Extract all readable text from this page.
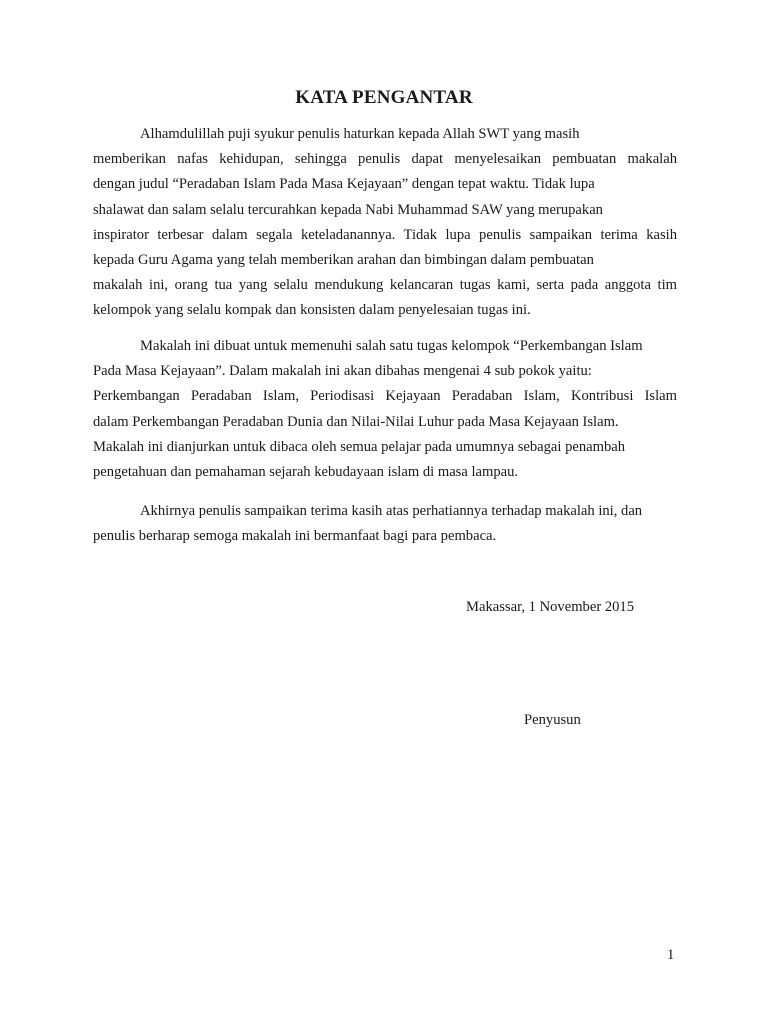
KATA PENGANTAR
Alhamdulillah puji syukur penulis haturkan kepada Allah SWT yang masih
memberikan nafas kehidupan, sehingga penulis dapat menyelesaikan pembuatan makalah
dengan judul “Peradaban Islam Pada Masa Kejayaan” dengan tepat waktu. Tidak lupa
shalawat dan salam selalu tercurahkan kepada Nabi Muhammad SAW yang merupakan
inspirator terbesar dalam segala keteladanannya. Tidak lupa penulis sampaikan terima kasih
kepada Guru Agama yang telah memberikan arahan dan bimbingan dalam pembuatan
makalah ini, orang tua yang selalu mendukung kelancaran tugas kami, serta pada anggota tim
kelompok yang selalu kompak dan konsisten dalam penyelesaian tugas ini.
Makalah ini dibuat untuk memenuhi salah satu tugas kelompok “Perkembangan Islam
Pada Masa Kejayaan”. Dalam makalah ini akan dibahas mengenai 4 sub pokok yaitu:
Perkembangan Peradaban Islam, Periodisasi Kejayaan Peradaban Islam, Kontribusi Islam
dalam Perkembangan Peradaban Dunia dan Nilai-Nilai Luhur pada Masa Kejayaan Islam.
Makalah ini dianjurkan untuk dibaca oleh semua pelajar pada umumnya sebagai penambah
pengetahuan dan pemahaman sejarah kebudayaan islam di masa lampau.
Akhirnya penulis sampaikan terima kasih atas perhatiannya terhadap makalah ini, dan
penulis berharap semoga makalah ini bermanfaat bagi para pembaca.

Makassar, 1 November 2015

Penyusun

1
